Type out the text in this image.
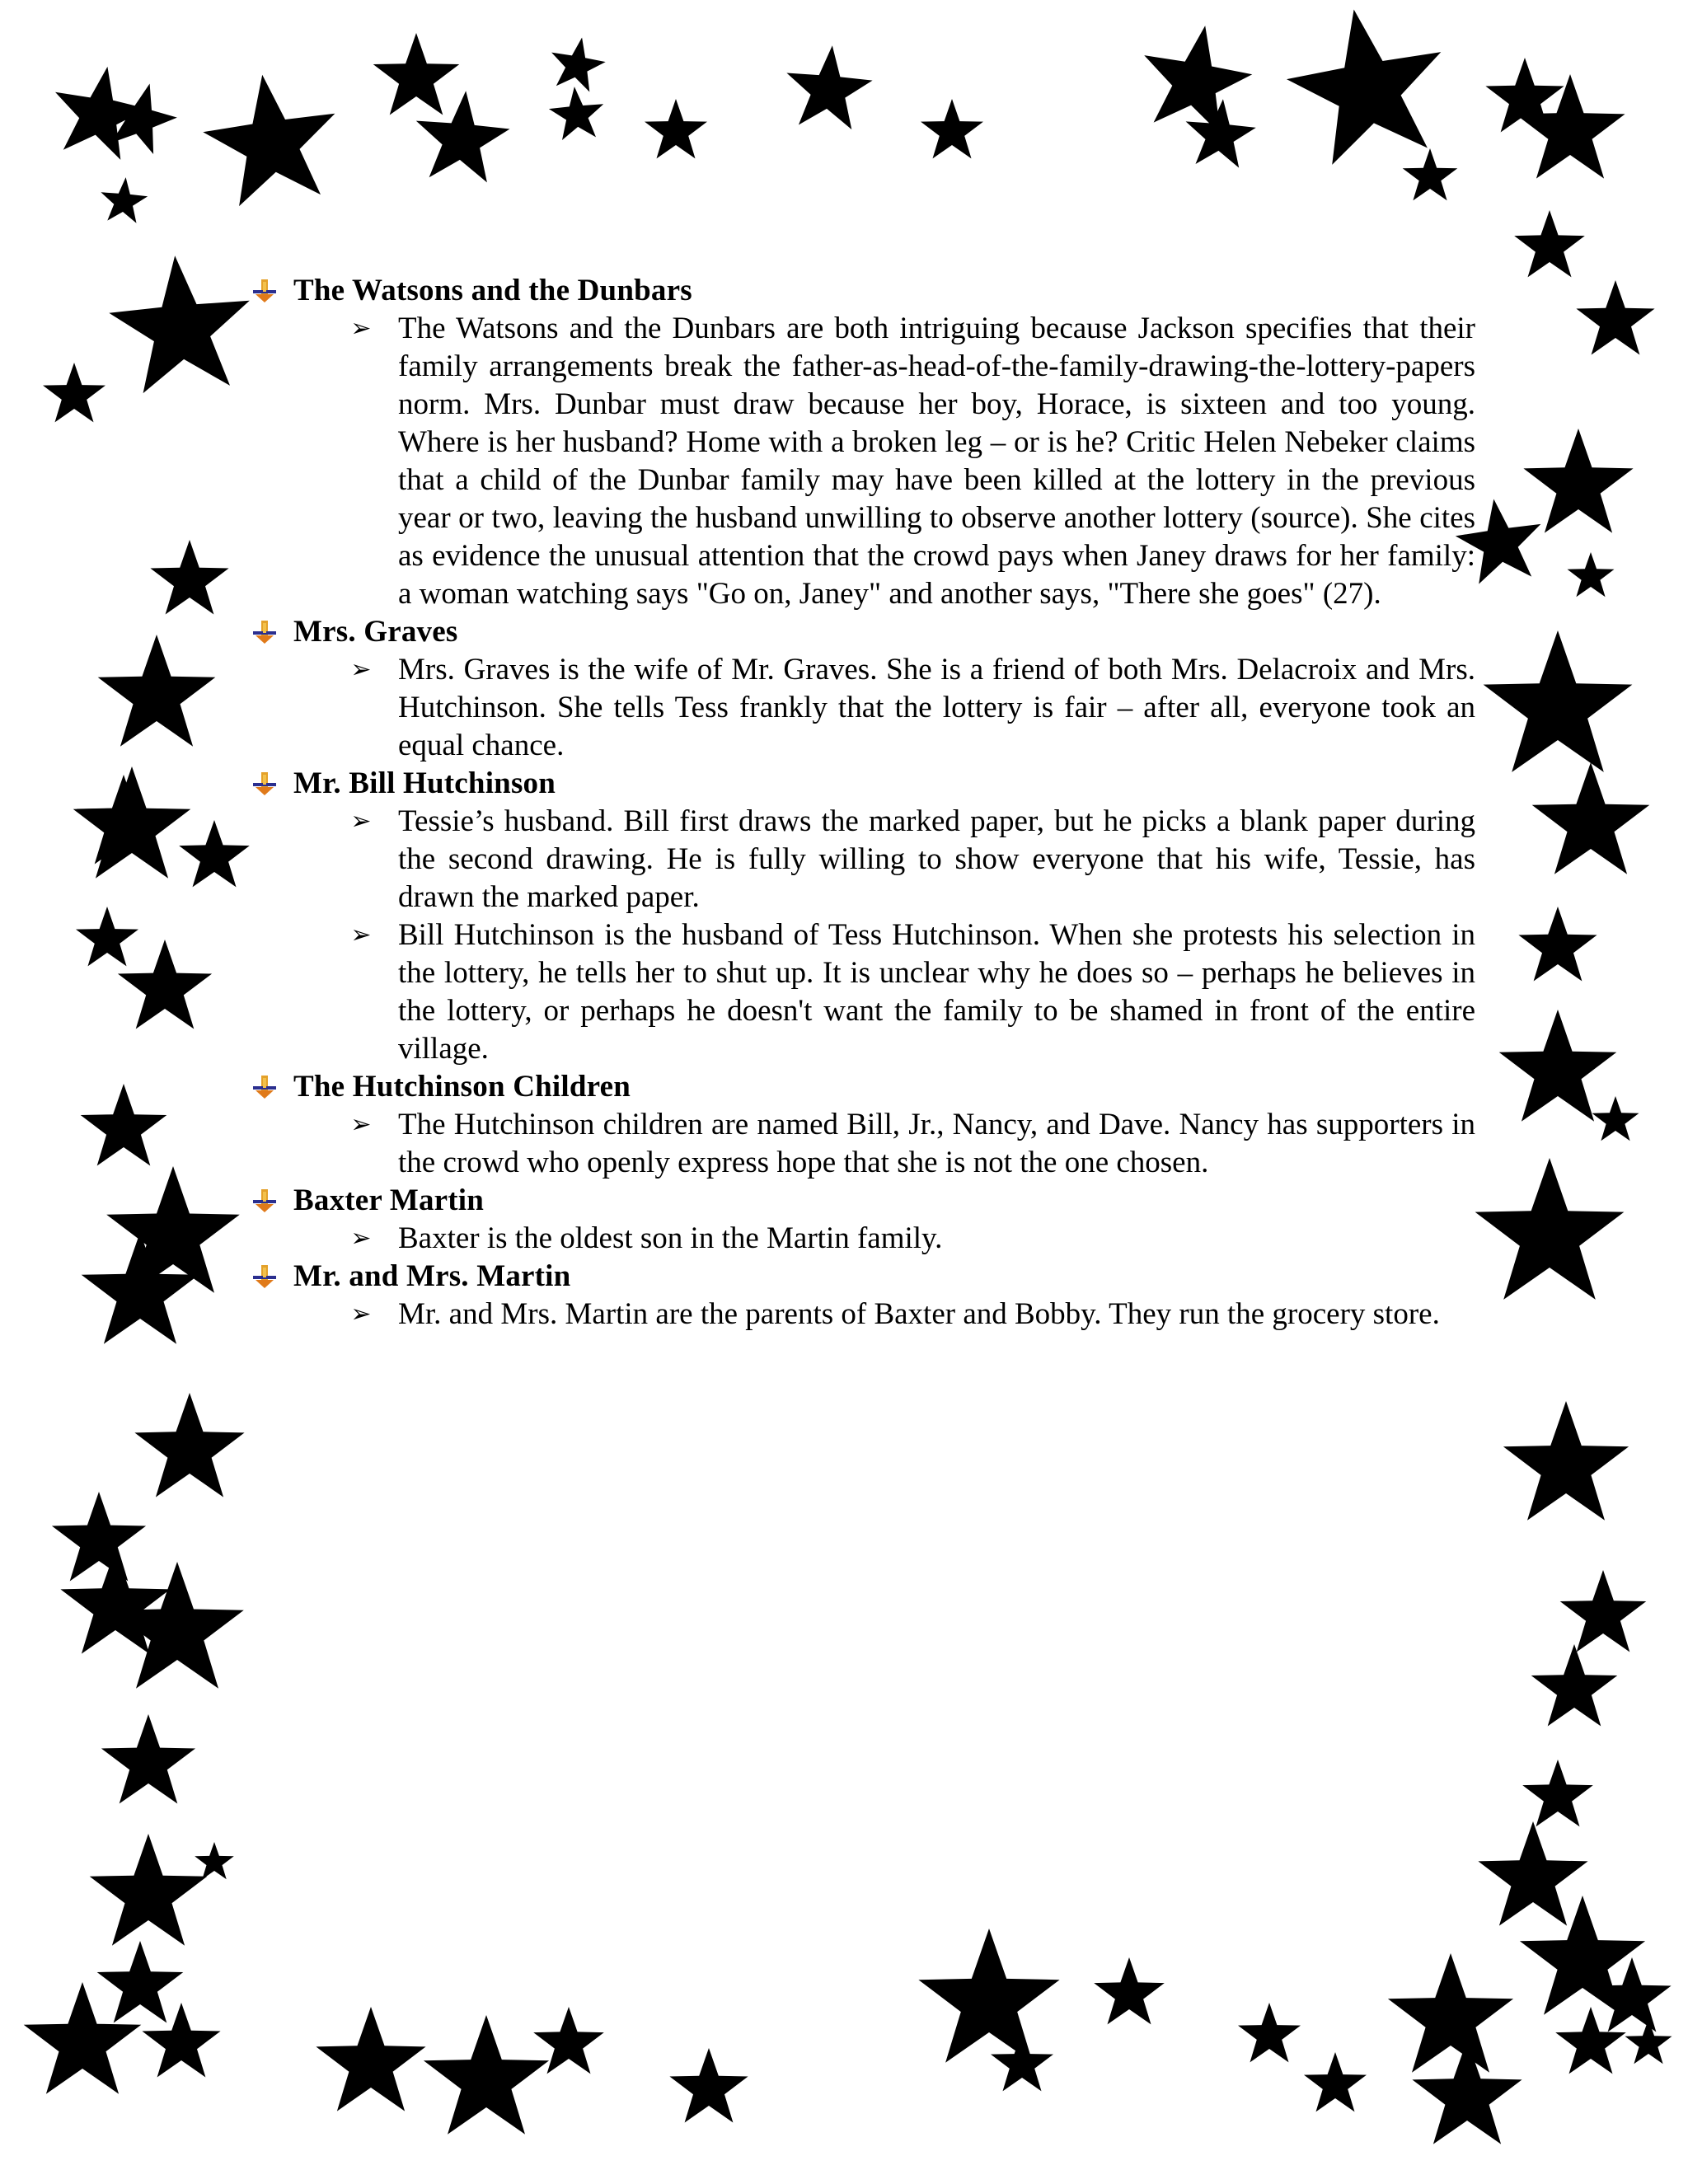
The Watsons and the Dunbars
➢ The Watsons and the Dunbars are both intriguing because Jackson specifies that their family arrangements break the father-as-head-of-the-family-drawing-the-lottery-papers norm. Mrs. Dunbar must draw because her boy, Horace, is sixteen and too young. Where is her husband? Home with a broken leg – or is he? Critic Helen Nebeker claims that a child of the Dunbar family may have been killed at the lottery in the previous year or two, leaving the husband unwilling to observe another lottery (source). She cites as evidence the unusual attention that the crowd pays when Janey draws for her family: a woman watching says "Go on, Janey" and another says, "There she goes" (27).
Mrs. Graves
➢ Mrs. Graves is the wife of Mr. Graves. She is a friend of both Mrs. Delacroix and Mrs. Hutchinson. She tells Tess frankly that the lottery is fair – after all, everyone took an equal chance.
Mr. Bill Hutchinson
➢ Tessie’s husband. Bill first draws the marked paper, but he picks a blank paper during the second drawing. He is fully willing to show everyone that his wife, Tessie, has drawn the marked paper.
➢ Bill Hutchinson is the husband of Tess Hutchinson. When she protests his selection in the lottery, he tells her to shut up. It is unclear why he does so – perhaps he believes in the lottery, or perhaps he doesn't want the family to be shamed in front of the entire village.
The Hutchinson Children
➢ The Hutchinson children are named Bill, Jr., Nancy, and Dave. Nancy has supporters in the crowd who openly express hope that she is not the one chosen.
Baxter Martin
➢ Baxter is the oldest son in the Martin family.
Mr. and Mrs. Martin
➢ Mr. and Mrs. Martin are the parents of Baxter and Bobby. They run the grocery store.
